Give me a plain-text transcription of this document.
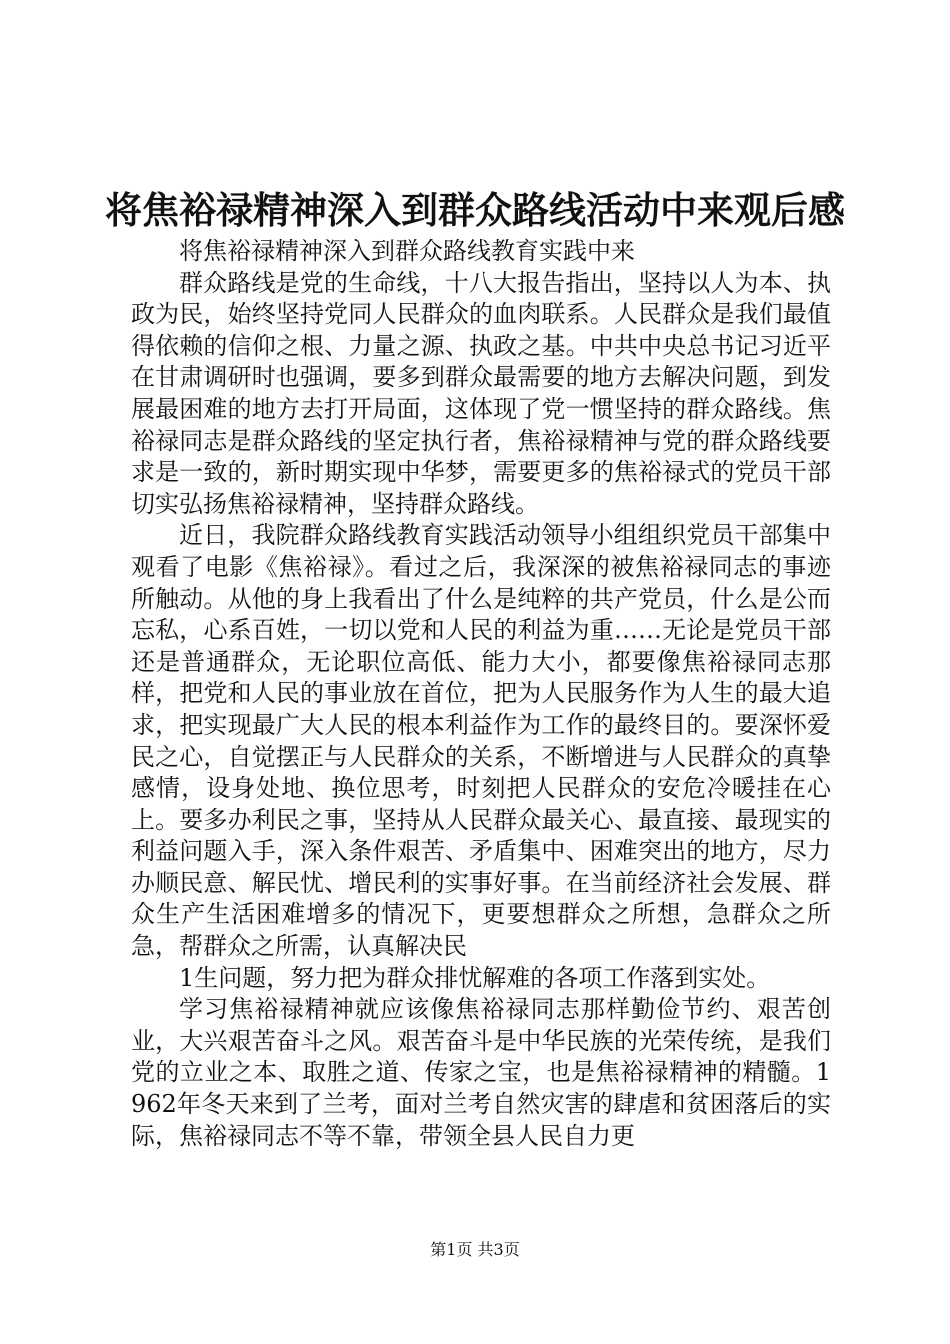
将焦裕禄精神深入到群众路线活动中来观后感

将焦裕禄精神深入到群众路线教育实践中来

群众路线是党的生命线，十八大报告指出，坚持以人为本、执政为民，始终坚持党同人民群众的血肉联系。人民群众是我们最值得依赖的信仰之根、力量之源、执政之基。中共中央总书记习近平在甘肃调研时也强调，要多到群众最需要的地方去解决问题，到发展最困难的地方去打开局面，这体现了党一惯坚持的群众路线。焦裕禄同志是群众路线的坚定执行者，焦裕禄精神与党的群众路线要求是一致的，新时期实现中华梦，需要更多的焦裕禄式的党员干部切实弘扬焦裕禄精神，坚持群众路线。

近日，我院群众路线教育实践活动领导小组组织党员干部集中观看了电影《焦裕禄》。看过之后，我深深的被焦裕禄同志的事迹所触动。从他的身上我看出了什么是纯粹的共产党员，什么是公而忘私，心系百姓，一切以党和人民的利益为重……无论是党员干部还是普通群众，无论职位高低、能力大小，都要像焦裕禄同志那样，把党和人民的事业放在首位，把为人民服务作为人生的最大追求，把实现最广大人民的根本利益作为工作的最终目的。要深怀爱民之心，自觉摆正与人民群众的关系，不断增进与人民群众的真挚感情，设身处地、换位思考，时刻把人民群众的安危冷暖挂在心上。要多办利民之事，坚持从人民群众最关心、最直接、最现实的利益问题入手，深入条件艰苦、矛盾集中、困难突出的地方，尽力办顺民意、解民忧、增民利的实事好事。在当前经济社会发展、群众生产生活困难增多的情况下，更要想群众之所想，急群众之所急，帮群众之所需，认真解决民

1生问题，努力把为群众排忧解难的各项工作落到实处。

学习焦裕禄精神就应该像焦裕禄同志那样勤俭节约、艰苦创业，大兴艰苦奋斗之风。艰苦奋斗是中华民族的光荣传统，是我们党的立业之本、取胜之道、传家之宝，也是焦裕禄精神的精髓。1962年冬天来到了兰考，面对兰考自然灾害的肆虐和贫困落后的实际，焦裕禄同志不等不靠，带领全县人民自力更

第1页 共3页
